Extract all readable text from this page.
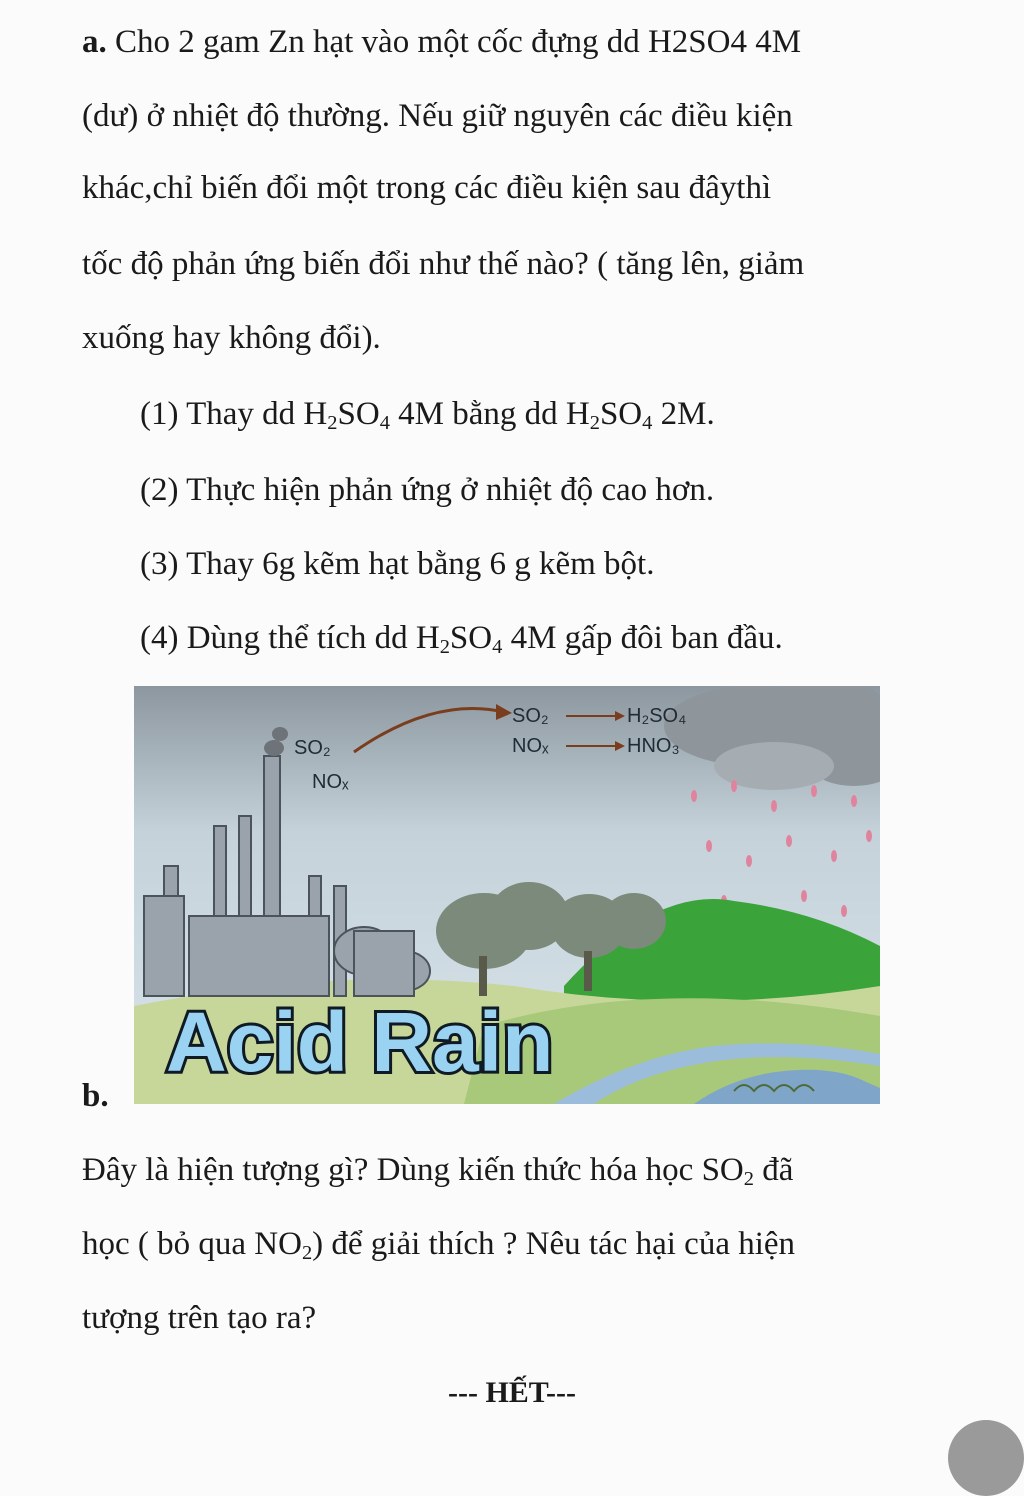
a. Cho 2 gam Zn hạt vào một cốc đựng dd H2SO4 4M
(dư) ở nhiệt độ thường. Nếu giữ nguyên các điều kiện
khác,chỉ biến đổi một trong các điều kiện sau đâythì
tốc độ phản ứng biến đổi như thế nào? ( tăng lên, giảm
xuống hay không đổi).
(1) Thay dd $H_2SO_4$ 4M bằng dd $H_2SO_4$ 2M.
(2) Thực hiện phản ứng ở nhiệt độ cao hơn.
(3) Thay 6g kẽm hạt bằng 6 g kẽm bột.
(4) Dùng thể tích dd $H_2SO_4$ 4M gấp đôi ban đầu.
SO₂	H₂SO₄
NOₓ	HNO₃
SO₂
NOₓ
Acid Rain
b.
Đây là hiện tượng gì? Dùng kiến thức hóa học $SO_2$ đã
học ( bỏ qua $NO_2$) để giải thích ? Nêu tác hại của hiện
tượng trên tạo ra?
--- HẾT---
